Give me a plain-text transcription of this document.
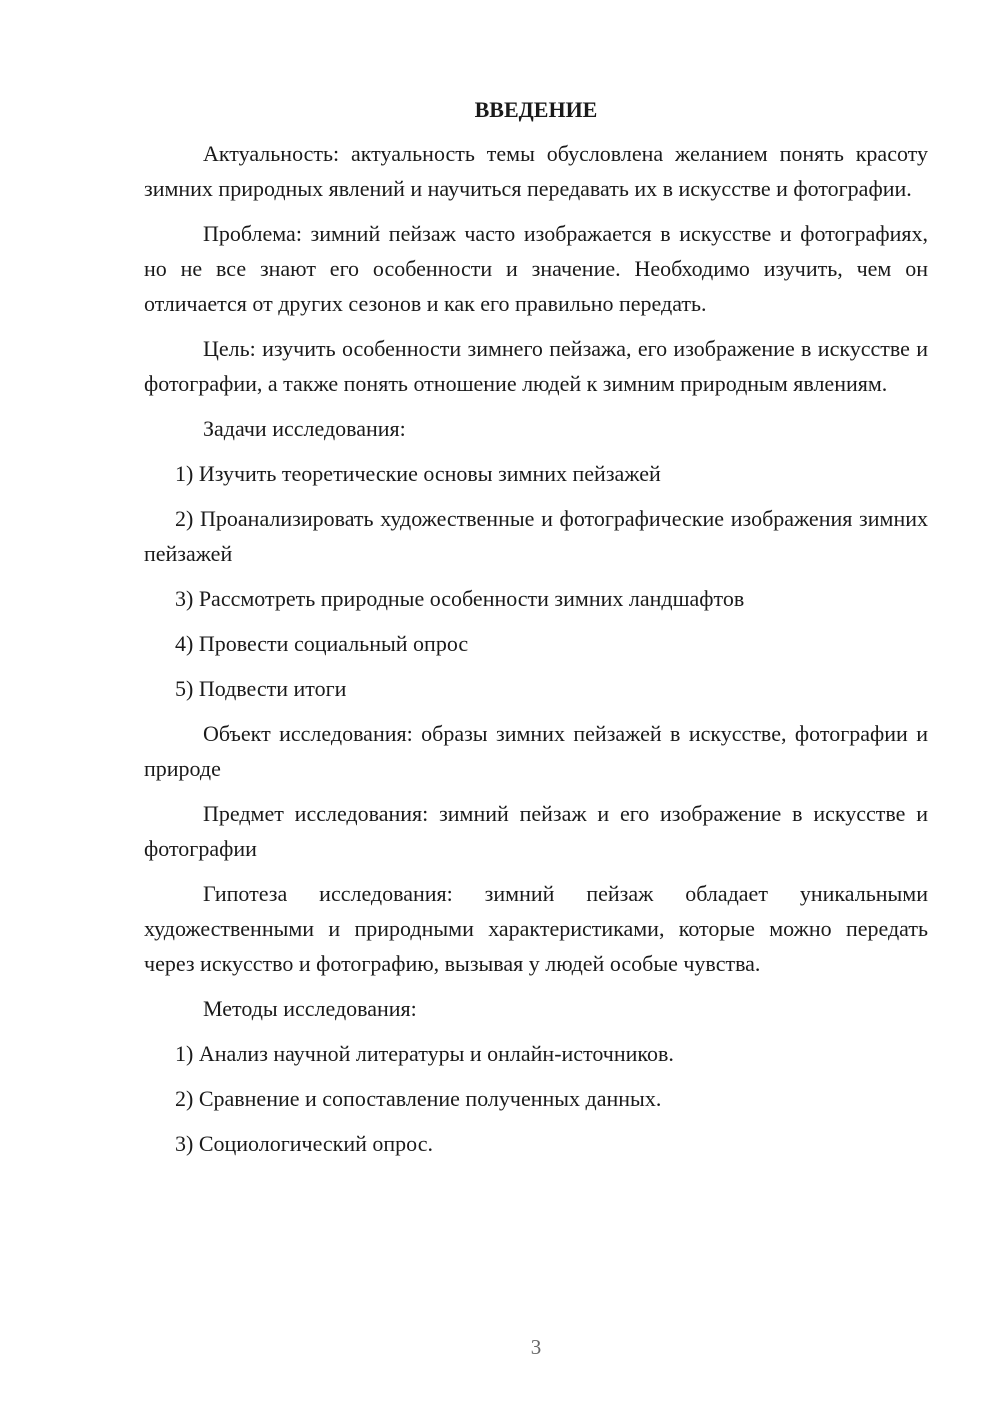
ВВЕДЕНИЕ

Актуальность: актуальность темы обусловлена желанием понять красоту зимних природных явлений и научиться передавать их в искусстве и фотографии.

Проблема: зимний пейзаж часто изображается в искусстве и фотографиях, но не все знают его особенности и значение. Необходимо изучить, чем он отличается от других сезонов и как его правильно передать.

Цель: изучить особенности зимнего пейзажа, его изображение в искусстве и фотографии, а также понять отношение людей к зимним природным явлениям.

Задачи исследования:

1) Изучить теоретические основы зимних пейзажей

2) Проанализировать художественные и фотографические изображения зимних пейзажей

3) Рассмотреть природные особенности зимних ландшафтов

4) Провести социальный опрос

5) Подвести итоги

Объект исследования: образы зимних пейзажей в искусстве, фотографии и природе

Предмет исследования: зимний пейзаж и его изображение в искусстве и фотографии

Гипотеза исследования: зимний пейзаж обладает уникальными художественными и природными характеристиками, которые можно передать через искусство и фотографию, вызывая у людей особые чувства.

Методы исследования:

1) Анализ научной литературы и онлайн-источников.

2) Сравнение и сопоставление полученных данных.

3) Социологический опрос.

3
